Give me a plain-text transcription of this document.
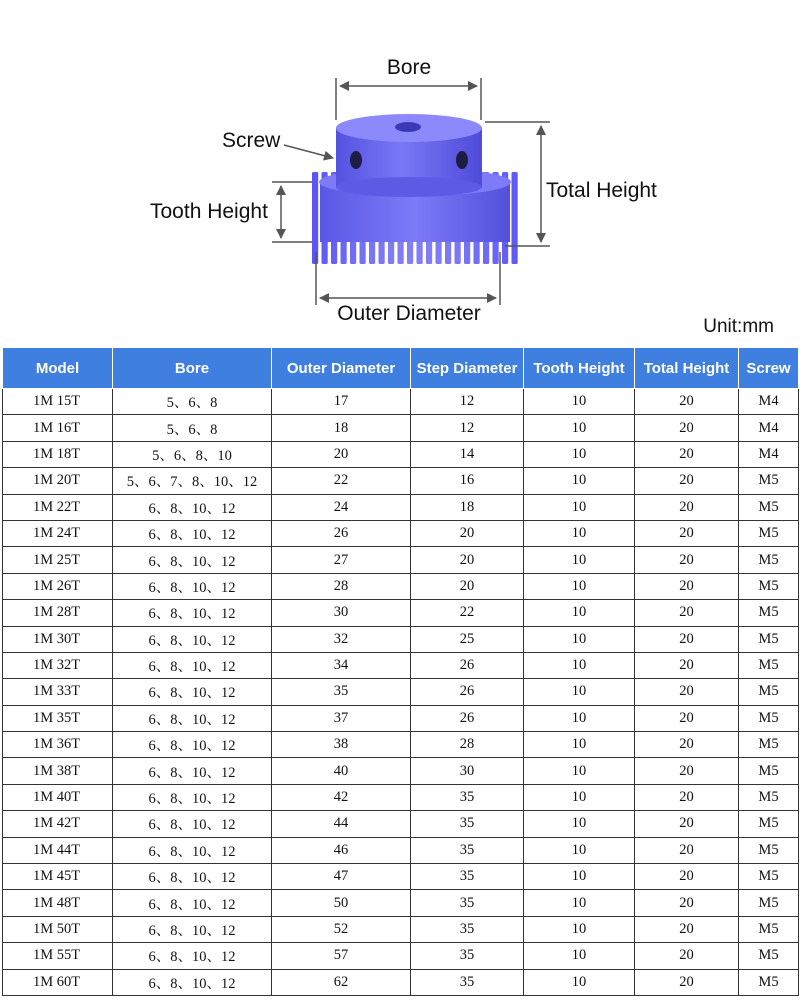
Bore
Screw
Tooth Height
Total Height
Outer Diameter
Unit:mm
Model	Bore	Outer Diameter	Step Diameter	Tooth Height	Total Height	Screw
1M 15T	5、6、8	17	12	10	20	M4
1M 16T	5、6、8	18	12	10	20	M4
1M 18T	5、6、8、10	20	14	10	20	M4
1M 20T	5、6、7、8、10、12	22	16	10	20	M5
1M 22T	6、8、10、12	24	18	10	20	M5
1M 24T	6、8、10、12	26	20	10	20	M5
1M 25T	6、8、10、12	27	20	10	20	M5
1M 26T	6、8、10、12	28	20	10	20	M5
1M 28T	6、8、10、12	30	22	10	20	M5
1M 30T	6、8、10、12	32	25	10	20	M5
1M 32T	6、8、10、12	34	26	10	20	M5
1M 33T	6、8、10、12	35	26	10	20	M5
1M 35T	6、8、10、12	37	26	10	20	M5
1M 36T	6、8、10、12	38	28	10	20	M5
1M 38T	6、8、10、12	40	30	10	20	M5
1M 40T	6、8、10、12	42	35	10	20	M5
1M 42T	6、8、10、12	44	35	10	20	M5
1M 44T	6、8、10、12	46	35	10	20	M5
1M 45T	6、8、10、12	47	35	10	20	M5
1M 48T	6、8、10、12	50	35	10	20	M5
1M 50T	6、8、10、12	52	35	10	20	M5
1M 55T	6、8、10、12	57	35	10	20	M5
1M 60T	6、8、10、12	62	35	10	20	M5
